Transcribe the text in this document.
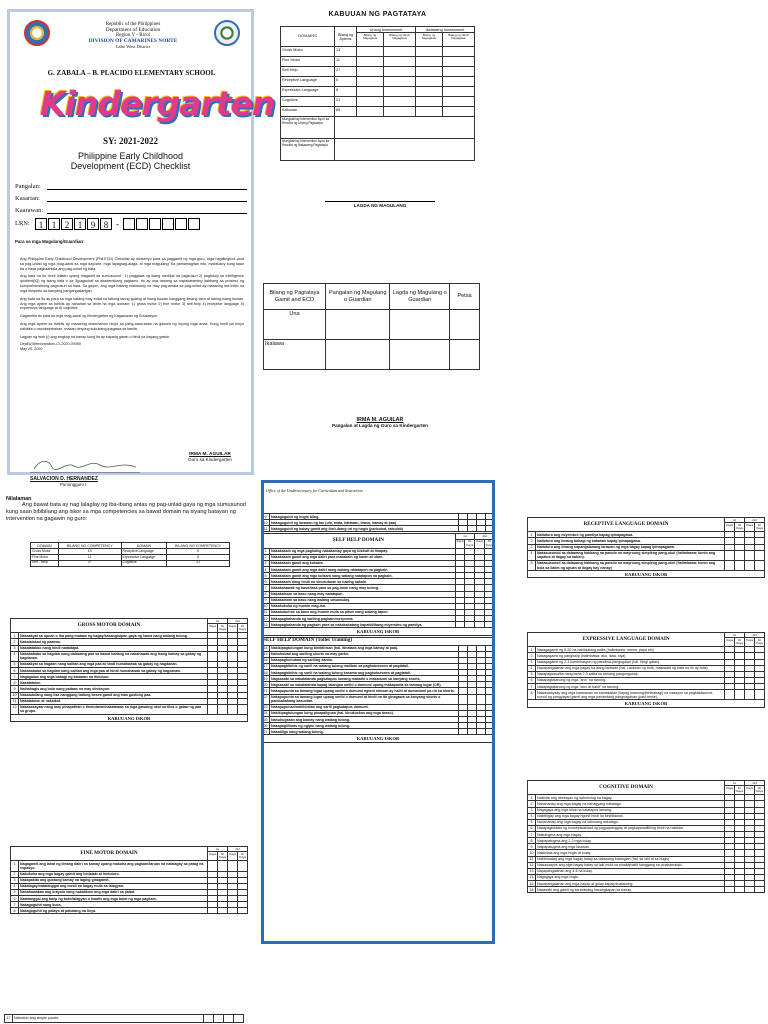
Republic of the Philippines
Department of Education
Region V - Bicol
DIVISION OF CAMARINES NORTE
Labo West District
G. ZABALA – B. PLACIDO ELEMENTARY SCHOOL
Kindergarten
SY: 2021-2022
Philippine Early Childhood
Development (ECD) Checklist
Pangalan:
Kasarian:
Kaarawan:
LRN: 1 1 2 1 9 8 -
Para sa mga Magulang/Guardian:
Ang Philippine Early Childhood Development (Phil.ECD) Checklist ay dinisenyo para sa paggamit ng mga guro, mga nagtitingkod para sa pag-unlad ng mga mag-aaral sa mga daycare, mga lapagsag-alaga, at mga magulang. Sa pamamagitan nito, matutukoy kung saan ba o nasa pagkaantala ang pag-unlad ng bata.
Ang bata na ito hindi inilaan upang magamit sa sumusunod : 1) paggawa ng isang medikal na pagsusuri 2) pagtukoy sa intelligence quotient(IQ) ng isang bata o sa 3)pagsukat sa akademikong pagtamo. Ito ay una tamang sa napakaraming hakbang sa proseso ng komprehensibong pagsusuri sa bata. Sa gayon, ang mga batang matutukoy na may pag-antala sa pag-unlad ay maaaring ma-irefer sa mga eksperto sa kanyang pangangailangan.
Ang bata na ito ay para sa mga batang may edad na tatlong taong gulang at isang buwan hanggang limang taon at labing-isang buwan. Ang mga aytem sa tsekils ay nahahati sa anim na mga domain: 1) gross motor 2) fine motor 3) self-help 4) receptive language 5) expressive language at 6) cognitive
Gagamitin ito para sa mga mag-aaral ng Kindergarten ng Kagawaran ng Edukasyon.
Ang mga aytem sa tsekils ay maaaring obserbahan ninyo sa pang-araw-araw na gawain ng inyong mga anak. Kung hindi pa ninyo nakikita o naoobserbahan, maaari ninyong subukang ipagawa sa kanila.
Lagyan ng tsek (/) ang angkop na hanay kung ito ay kayang gawin o hindi pa kayang gawin.
DepEd Memorandum-CI-2020-00060
May 25, 2020
IRMA M. AGUILAR
Guro sa Kindergarten
SALVACION D. HERNANDEZ
Punongguro I
KABUUAN NG PAGTATAYA
DOMAINS	Bilang ng Aytems	Unang Assessment		Ikalawang Assessment	
		Bilang ng Nagagawa	Bilang ng Hindi Nagagawa	Bilang ng Nagagawa	Bilang ng Hindi Nagagawa
Gross Motor	13				
Fine Motor	11				
Self-Help	27				
Receptive Language	5				
Expressive Language	8				
Cognitive	21				
Kabuuan	85				
Mungkahing Intervention Ayon sa Resulta ng Unang Pagtataya					
Mungkahing Intervention Ayon sa Resulta ng Ikalawang Pagtataya					
LAGDA NG MAGULANG
Bilang ng Pagtataya Gamit and ECD	Pangalan ng Magulang o Guardian	Lagda ng Magulang o Guardian	Petsa
Una			
Ikalawa			
IRMA M. AGUILAR
Pangalan at Lagda ng Guro sa Kindergarten
Nilalaman
Ang bawat bata ay nag lalaglay ng iba-ibang antas ng pag-unlad gaya ng mga sumusunod kung saan bibibilang ang iskor sa mga competencies sa bawat domain na siyang batayan ng intervention na gagawin ng guro:
DOMAIN	BILANG NG COMPETENCY	DOMAIN	BILANG NG COMPETENCY
Gross Motor	13	Receptive Language	5
Fine Motor	11	Expressive Language	8
Self - Help	27	Cognitive	21
GROSS MOTOR DOMAIN		1st		2nd	
		Kaya	Di Kaya	Kaya	Di Kaya
1	Nakaakyat sa upuan o iba pang mataas ng bagay/kasangkapan gaya ng kama nang walang tulong.				
2	Nakalalakad ng paatras.				
3	Nakatatakbo nang hindi nadadapa.				
4	Nakabababa sa hagdan nang dalawang paa sa bawat baitang na nakahawak ang isang kamay sa gabay ng hagdanan.				
5	Nakaakyat sa hagdan nang salitan ang mga paa at hindi humahawak sa gabay ng hagdanan.				
6	Nakabababa sa hagdan nang salitan ang mga paa at hindi humahawak sa gabay ng hagdanan.				
7	Nagagalaw ang mga bahagi ng katawan na itinuturo.				
8	Nakatatalon.				
9	Naihahagis ang bola nang paitaas na may direksyon.				
10	Nakatutulang nang iisa hanggang tatlong beses gamit ang mas gustong paa.				
11	Nakatatalon at nakaikot.				
12	Nakasasayaw nang may pinapatiran o tinutularan/nakatataas sa mga gawaing ukol sa tilos o galaw ng paa sa grupo.				
KABUUANG ISKOR					
FINE MOTOR DOMAIN		1st		2nd	
		Kaya	Di Kaya	Kaya	Di Kaya
1	Nagagamit ang lahat ng limang daliri sa kamay upang makuha ang pagkain/laruan na nalalagay sa patag na espasyo.				
2	Nakukuha ang mga bagay gamit ang hinlalaki at hintuturo.				
3	Nakapakita ang gustong kamay na laging ginagamit.				
4	Nakalagay/natatanggal ang mesit na bagay mula sa lalagyan.				
5	Nahahawakan ang krayola nang nakatikom ang mga daliri sa palad.				
6	Natatanggal ang takip ng bote/lalagyan o lnaalis ang mga balot ng mga pagkain.				
7	Nakaguguhit nang kuos.				
8	Nakaguguhit ng patayo at pahalang na linya.				
17	Nabubuo ang simple puzzle.				
Office of the Undersecretary for Curriculum and Instruction
9	Nakaguguhit ng hugis bilog.				
10	Nakaguguhit ng larawan ng tao (ulo, mata, katawan, braso, kamay at paa)				
11	Nakaguguhit ng bahay gamit ang iba't-ibang uri ng hugis (parisukat, tatsulok)				
SELF HELP DOMAIN		1st		2nd	
		Kaya	Di Kaya	Kaya	Di Kaya
1	Nakakakain ng mga pagkaing nakakamay gaya ng biskwit at tinapay.				
2	Nakakakain gamit ang mga daliri para makakain ng kanin at ulam.				
3	Nakakakain gamit ang kutsara.				
4	Nakakakain gamit ang mga daliri nang walang natatapon na pagkain.				
5	Nakakakain gamit ang mga kutsara nang walang natatapon na pagkain.				
6	Nakakakain nang hindi na sinusubuan sa tuwing kakain.				
7	Nakakahawak ng baso/tasa para sa pag-inom nang may tulong.				
8	Nakakainom sa baso nang may natatapon.				
9	Nakakainom sa baso nang walang umuusulay.				
10	Nakakukuha ng inumin mag-isa.				
11	Nakabubuhos sa baso ang inumin mula sa pitsel nang walang tapon.				
12	Nakapaghahanda ng sariling pagkain/meryenda.				
13	Nakapaghahanda ng pagkain para sa nakakabatang kapatid/ibang miyembro ng pamilya.				
KABUUANG ISKOR					
SELF HELP DOMAIN (Toilet Training)					
14	Nakikipagtulungan kung binibihisan (hal. itinataas ang mga kamay at paa).				
15	Nahuhubad ang sariling shorts na may garter.				
16	Nakapaghuhubad ng sariling sando.				
17	Nakapagbibihis ng sarili na walang tulong maliban sa pagbubutones at pagtatali.				
18	Nakapagbibihis ng sarili na walang tulong kasama ang pagbubutones at pagtatali.				
19	Nagsasabi sa nakatatanda pagkatapos lumang makaihi o makadumi sa kanyang shorts.				
20	Nagsasabi sa nakatatanda kapag lalangan umihi o dumumi upang makapunta sa tamang lugar (CR).				
21	Nakapupunta sa tamang lugar upang umihi o dumumi ngunit minsan ay naihi at dumadumi pa rin sa shorts.				
22	Nakapupunta sa tamang lugar upang umihi o dumumi at hindi na ito ginagawa sa kanyang shorts o pambabahang kasuotan.				
23	Nakapupunan/nahihinitan ang sarili pagkatapos dumumi.				
24	Nakikipagtulungan kung pinapaliguan (hal. kinukuskos ang mga braso).				
25	Nahuhugasan ang kamay nang walang tulong.				
26	Nakapagliliinas ng ngipin nang walang tulong.				
27	Nakaliligo nang walang tulong.				
KABUUANG ISKOR					
RECEPTIVE LANGUAGE DOMAIN		1st		2nd	
		Kaya	Di Kaya	Kaya	Di Kaya
1	Naituturo ang miyembro ng pamilya kapag ipinapagawa.				
2	Naituturo ang limang bahagi ng katawan kapag ipinapagawa.				
3	Naituturo ang limang napangalanang larawan ng mga bagay kapag ipinapagawa.				
4	Nakasusunod sa dalawang hakbang na panuto na mayroong simpleng pang-ukol (halimbawa: kunin ang sapatos at ilagay sa kahon).				
5	Nakasusunod sa dalawang hakbang na panuto na mayroong simpleng pang-ukol (halimbawa: kunin ang bola sa ilalim ng upuan at ibigay kay nanay)				
KABUUANG ISKOR					
EXPRESSIVE LANGUAGE DOMAIN		1st		2nd	
		Kaya	Di Kaya	Kaya	Di Kaya
1	Nakagagamit ng 5-20 na nakikilalang salita (halimbawa: mama, papa etc).				
2	Nakagagamit ng panghalip (halimbawa: ako, ikaw, siya)				
3	Nakagagamit ng 2-3 kombinasyon ng pandiwa-pangngalan (hal. Hingi gatas).				
4	Napapangalanan ang mga bagay sa isang larawan (hal. Larawan ng bola, masasabi ng bata na ito ay bola)				
5	Nakapagsasalita nang tama 2-3 salita sa tamang pangungusap.				
6	Nakapagtatanong ng mga "ano" na tanong.				
7	Nakapagtatanong ng mga "sino at bakit" na tanong.				
8	Naisasalaysay ang mga karanasan na kamakailan (kapag tinanong/ibinibahagi) na naaayon sa pagkakasunod-sunod ng pangyayari gamit ang mga panandang pangnaganan (past tense).				
KABUUANG ISKOR					
COGNITIVE DOMAIN		1st		2nd	
		Kaya	Di Kaya	Kaya	Di Kaya
1	Nakikita ang direksyon ng nahuhulog na bagay.				
2	Nahahanap ang mga bagay na bahagyang nakatago.				
3	Nagagaya ang mga kilos na katatapos lamang.				
4	Naibibigay ang mga bagay ngunit hindi ito binibitawan.				
5	Nahahanap ang mga bagay na lubusang nakatago.				
6	Nakapagkikilala ng konseptwalidad ng pagpapanggap at pagkapanatilihing hindi na nakikita.				
7	Naitutugma ang mga bagay.				
8	Naipapatugma ang 2-3 mga kulay.				
9	Naipapatugma ang mga larawan.				
10	Nakikilala ang mga hugis at kulay.				
11	Naihihiwalay ang mga bagay batay sa dalawang katangian (hal. sa laki at sa hugis)				
12	Naisasaayos ang mga bagay batay sa laki mula sa pinakamaliit hanggang sa pinakamalaki.				
13	Napapangalanan ang 4-6 na kulay.				
14	Nagagaya ang mga hugis.				
15	Napapangalanan ang mga hayop at gulay kapag tinatanong.				
16	Nasasabi ang gamit ng karaniwang kasangkapan sa bahay.				
